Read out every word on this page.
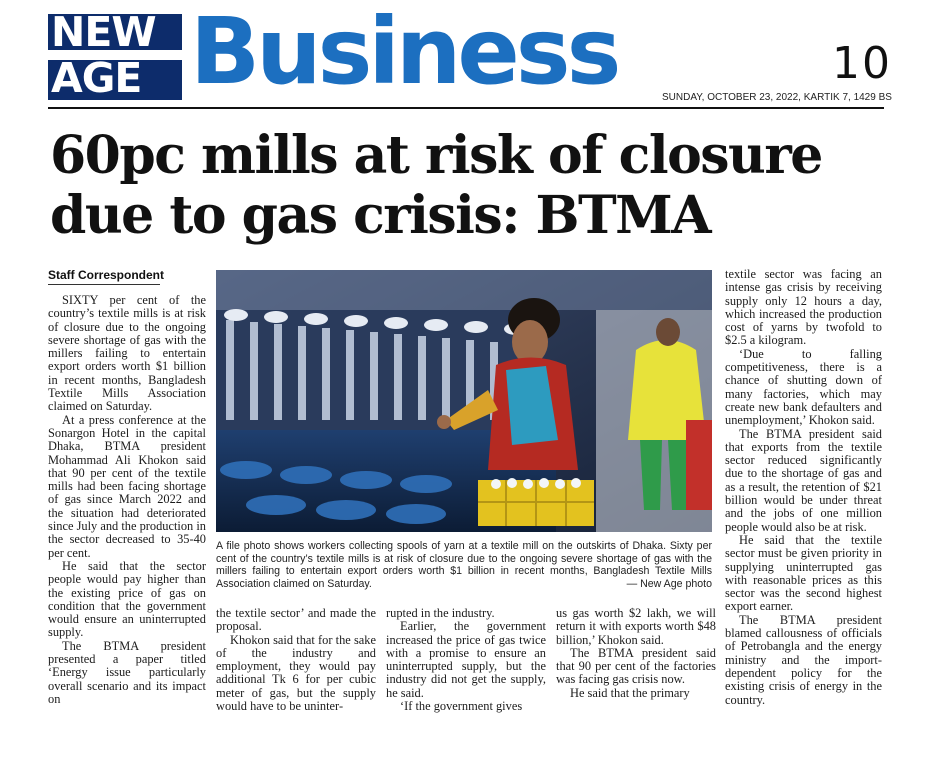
NEW
AGE Business	10
SUNDAY, OCTOBER 23, 2022, KARTIK 7, 1429 BS
60pc mills at risk of closure
due to gas crisis: BTMA
Staff Correspondent

SIXTY per cent of the country’s textile mills is at risk of closure due to the ongoing severe shortage of gas with the millers failing to entertain export orders worth $1 billion in recent months, Bangladesh Textile Mills Association claimed on Saturday.

At a press conference at the Sonargon Hotel in the capital Dhaka, BTMA president Mohammad Ali Khokon said that 90 per cent of the textile mills had been facing shortage of gas since March 2022 and the situation had deteriorated since July and the production in the sector decreased to 35-40 per cent.

He said that the sector people would pay higher than the existing price of gas on condition that the government would ensure an uninterrupted supply.

The BTMA president presented a paper titled ‘Energy issue particularly overall scenario and its impact on

A file photo shows workers collecting spools of yarn at a textile mill on the outskirts of Dhaka. Sixty per cent of the country’s textile mills is at risk of closure due to the ongoing severe shortage of gas with the millers failing to entertain export orders worth $1 billion in recent months, Bangladesh Textile Mills Association claimed on Saturday.	— New Age photo

the textile sector’ and made the proposal.

Khokon said that for the sake of the industry and employment, they would pay additional Tk 6 for per cubic meter of gas, but the supply would have to be uninter-

rupted in the industry.

Earlier, the government increased the price of gas twice with a promise to ensure an uninterrupted supply, but the industry did not get the supply, he said.

‘If the government gives

us gas worth $2 lakh, we will return it with exports worth $48 billion,’ Khokon said.

The BTMA president said that 90 per cent of the factories was facing gas crisis now.

He said that the primary

textile sector was facing an intense gas crisis by receiving supply only 12 hours a day, which increased the production cost of yarns by twofold to $2.5 a kilogram.

‘Due to falling competitiveness, there is a chance of shutting down of many factories, which may create new bank defaulters and unemployment,’ Khokon said.

The BTMA president said that exports from the textile sector reduced significantly due to the shortage of gas and as a result, the retention of $21 billion would be under threat and the jobs of one million people would also be at risk.

He said that the textile sector must be given priority in supplying uninterrupted gas with reasonable prices as this sector was the second highest export earner.

The BTMA president blamed callousness of officials of Petrobangla and the energy ministry and the import-dependent policy for the existing crisis of energy in the country.
